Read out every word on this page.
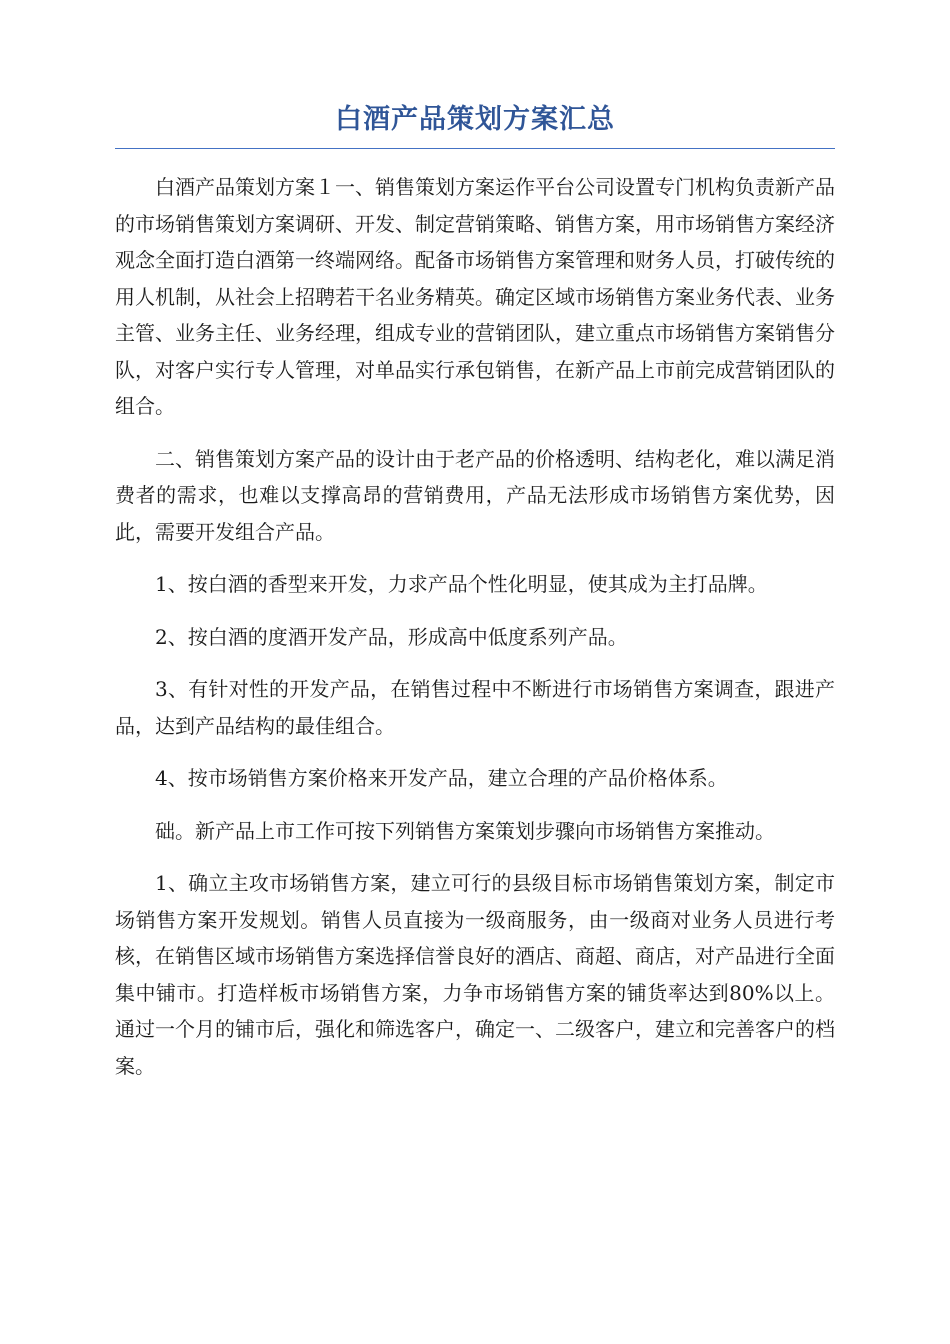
白酒产品策划方案汇总

白酒产品策划方案１一、销售策划方案运作平台公司设置专门机构负责新产品的市场销售策划方案调研、开发、制定营销策略、销售方案，用市场销售方案经济观念全面打造白酒第一终端网络。配备市场销售方案管理和财务人员，打破传统的用人机制，从社会上招聘若干名业务精英。确定区域市场销售方案业务代表、业务主管、业务主任、业务经理，组成专业的营销团队，建立重点市场销售方案销售分队，对客户实行专人管理，对单品实行承包销售，在新产品上市前完成营销团队的组合。

二、销售策划方案产品的设计由于老产品的价格透明、结构老化，难以满足消费者的需求，也难以支撑高昂的营销费用，产品无法形成市场销售方案优势，因此，需要开发组合产品。

1、按白酒的香型来开发，力求产品个性化明显，使其成为主打品牌。

2、按白酒的度酒开发产品，形成高中低度系列产品。

3、有针对性的开发产品，在销售过程中不断进行市场销售方案调查，跟进产品，达到产品结构的最佳组合。

4、按市场销售方案价格来开发产品，建立合理的产品价格体系。

础。新产品上市工作可按下列销售方案策划步骤向市场销售方案推动。

1、确立主攻市场销售方案，建立可行的县级目标市场销售策划方案，制定市场销售方案开发规划。销售人员直接为一级商服务，由一级商对业务人员进行考核，在销售区域市场销售方案选择信誉良好的酒店、商超、商店，对产品进行全面集中铺市。打造样板市场销售方案，力争市场销售方案的铺货率达到80%以上。通过一个月的铺市后，强化和筛选客户，确定一、二级客户，建立和完善客户的档案。
